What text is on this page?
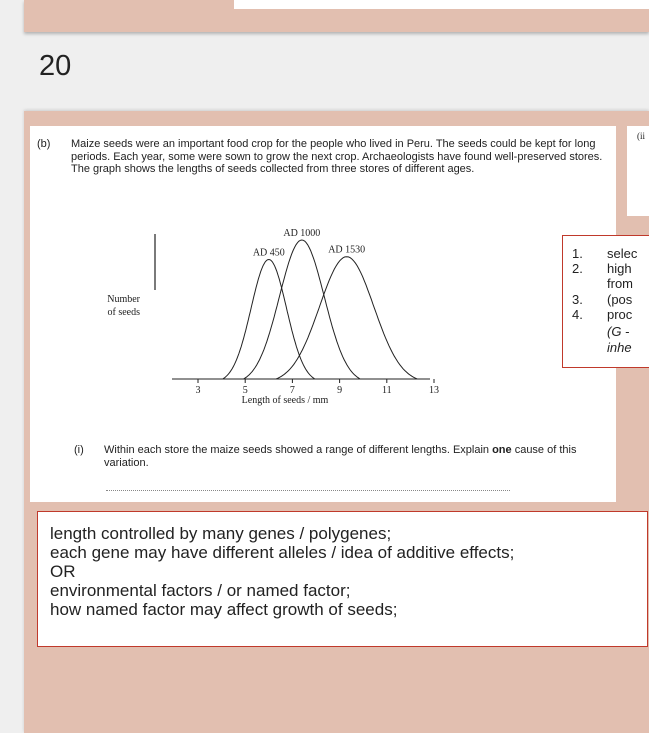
20
(b) Maize seeds were an important food crop for the people who lived in Peru. The seeds could be kept for long periods. Each year, some were sown to grow the next crop. Archaeologists have found well-preserved stores. The graph shows the lengths of seeds collected from three stores of different ages.
Number
of seeds
3	5	7	9	11	13
AD 450
AD 1000
AD 1530
Length of seeds / mm
(i) Within each store the maize seeds showed a range of different lengths. Explain one cause of this variation.
(ii
1. selec
2. high
from
3. (pos
4. proc
(G -
inhe
length controlled by many genes / polygenes;
each gene may have different alleles / idea of additive effects;
OR
environmental factors / or named factor;
how named factor may affect growth of seeds;
